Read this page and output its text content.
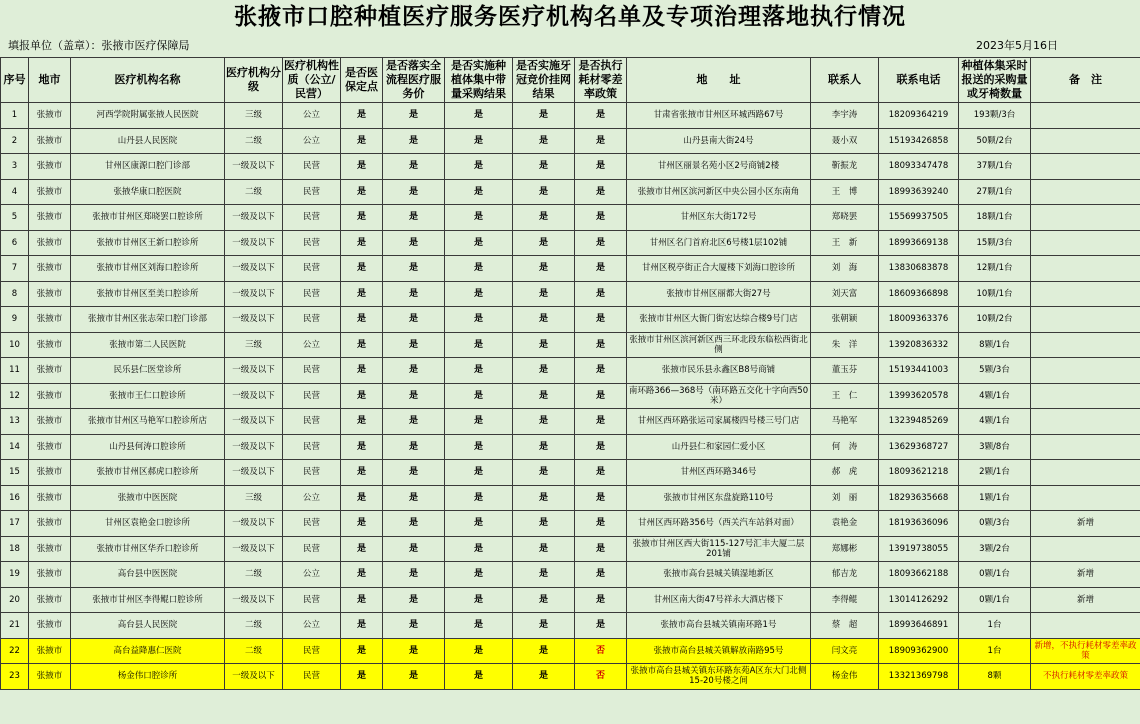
张掖市口腔种植医疗服务医疗机构名单及专项治理落地执行情况
填报单位（盖章）：张掖市医疗保障局	2023年5月16日
序号	地市	医疗机构名称	医疗机构分级	医疗机构性质（公立/民营）	是否医保定点	是否落实全流程医疗服务价	是否实施种植体集中带量采购结果	是否实施牙冠竞价挂网结果	是否执行耗材零差率政策	地　　址	联系人	联系电话	种植体集采时报送的采购量或牙椅数量	备　注
1	张掖市	河西学院附属张掖人民医院	三级	公立	是	是	是	是	是	甘肃省张掖市甘州区环城西路67号	李宇涛	18209364219	193颗/3台	
2	张掖市	山丹县人民医院	二级	公立	是	是	是	是	是	山丹县南大街24号	聂小双	15193426858	50颗/2台	
3	张掖市	甘州区康源口腔门诊部	一级及以下	民营	是	是	是	是	是	甘州区丽景名苑小区2号商铺2楼	靳振龙	18093347478	37颗/1台	
4	张掖市	张掖华康口腔医院	二级	民营	是	是	是	是	是	张掖市甘州区滨河新区中央公园小区东南角	王　博	18993639240	27颗/1台	
5	张掖市	张掖市甘州区郑晓罢口腔诊所	一级及以下	民营	是	是	是	是	是	甘州区东大街172号	郑晓罢	15569937505	18颗/1台	
6	张掖市	张掖市甘州区王新口腔诊所	一级及以下	民营	是	是	是	是	是	甘州区名门首府北区6号楼1层102铺	王　新	18993669138	15颗/3台	
7	张掖市	张掖市甘州区刘海口腔诊所	一级及以下	民营	是	是	是	是	是	甘州区税亭街正合大厦楼下刘海口腔诊所	刘　海	13830683878	12颗/1台	
8	张掖市	张掖市甘州区至美口腔诊所	一级及以下	民营	是	是	是	是	是	张掖市甘州区丽都大街27号	刘天富	18609366898	10颗/1台	
9	张掖市	张掖市甘州区张志荣口腔门诊部	一级及以下	民营	是	是	是	是	是	张掖市甘州区大衙门街宏达综合楼9号门店	张朝颖	18009363376	10颗/2台	
10	张掖市	张掖市第二人民医院	三级	公立	是	是	是	是	是	张掖市甘州区滨河新区西三环北段东临松西街北侧	朱　洋	13920836332	8颗/1台	
11	张掖市	民乐县仁医堂诊所	一级及以下	民营	是	是	是	是	是	张掖市民乐县永鑫区B8号商铺	董玉芬	15193441003	5颗/3台	
12	张掖市	张掖市王仁口腔诊所	一级及以下	民营	是	是	是	是	是	南环路366—368号（南环路五交化十字向西50米）	王　仁	13993620578	4颗/1台	
13	张掖市	张掖市甘州区马艳军口腔诊所店	一级及以下	民营	是	是	是	是	是	甘州区西环路张运司家属楼四号楼三号门店	马艳军	13239485269	4颗/1台	
14	张掖市	山丹县何涛口腔诊所	一级及以下	民营	是	是	是	是	是	山丹县仁和家园仁爱小区	何　涛	13629368727	3颗/8台	
15	张掖市	张掖市甘州区郝虎口腔诊所	一级及以下	民营	是	是	是	是	是	甘州区西环路346号	郝　虎	18093621218	2颗/1台	
16	张掖市	张掖市中医医院	三级	公立	是	是	是	是	是	张掖市甘州区东盘旋路110号	刘　丽	18293635668	1颗/1台	
17	张掖市	甘州区袁艳金口腔诊所	一级及以下	民营	是	是	是	是	是	甘州区西环路356号（西关汽车站斜对面）	袁艳金	18193636096	0颗/3台	新增
18	张掖市	张掖市甘州区华乔口腔诊所	一级及以下	民营	是	是	是	是	是	张掖市甘州区西大街115-127号汇丰大厦二层201铺	郑娜彬	13919738055	3颗/2台	
19	张掖市	高台县中医医院	二级	公立	是	是	是	是	是	张掖市高台县城关镇湿地新区	郁吉龙	18093662188	0颗/1台	新增
20	张掖市	张掖市甘州区李得鲲口腔诊所	一级及以下	民营	是	是	是	是	是	甘州区南大街47号祥永大酒店楼下	李得鲲	13014126292	0颗/1台	新增
21	张掖市	高台县人民医院	二级	公立	是	是	是	是	是	张掖市高台县城关镇南环路1号	蔡　超	18993646891	1台	
22	张掖市	高台益降惠仁医院	二级	民营	是	是	是	是	否	张掖市高台县城关镇解放南路95号	闫文亮	18909362900	1台	新增，不执行耗材零差率政策
23	张掖市	杨金伟口腔诊所	一级及以下	民营	是	是	是	是	否	张掖市高台县城关镇东环路东苑A区东大门北侧15-20号楼之间	杨金伟	13321369798	8颗	不执行耗材零差率政策
